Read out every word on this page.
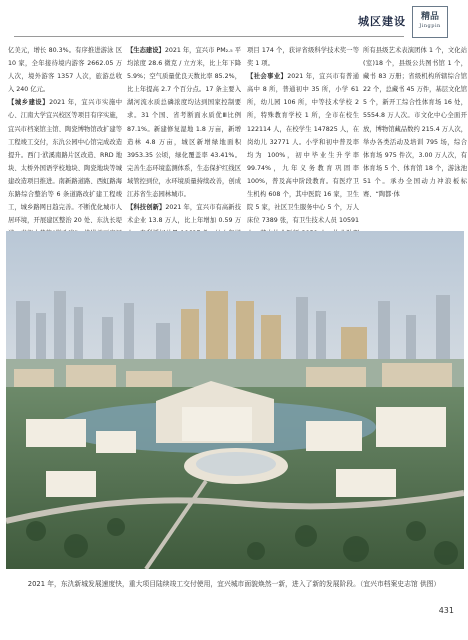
城区建设 精品
Jingpin

亿美元，增长 80.3%。有序推进游泳 区 10 家，全年接待境内游客 2662.05 万人次，境外游客 1357 人次，旅游总收入 240 亿元。

【城乡建设】2021 年，宜兴市实施中心、江南大学宜兴校区等项目有序实施，宜兴市档案馆主馆、陶瓷博物馆改扩建等工程竣工交付，东氿公园中心馆完成改造提升。西门·洑溪南路片区改造、RRD 地块、太桥外国语学校地块、陶瓷地块等城建改造项目推进。南新路道路、西虹路海东路综合整治等 6 条道路改扩建工程竣工，城乡路网日趋完善。不断优化城市人居环境，开展建区整治 20 处、东氿长堤

【生态建设】2021 年，宜兴市 PM₂.₅ 平均浓度 28.6 微克 / 立方米，比上年下降 5.9%；空气质量优良天数比率 85.2%，比上年提高 2.7 个百分点。17 条主要入湖河流水质总磷浓度均达到国家控制要求。31 个国、省考断面水质优Ⅲ比例 87.1%。新建修复湿地 1.8 万亩，新增造林 4.8 万亩，城区新增绿地面积 3953.35 公顷，绿化覆盖率 43.41%。完善生态环境监测体系，生态保护红线区域管控到位，水环境质量持续改善，创成江苏省生态园林城市。

【科技创新】2021 年，宜兴市有高新技术企业 13.8 万人，比上年增加 0.59 万

项目 174 个，获评省级科学技术奖一等奖 1 项。

【社会事业】2021 年，宜兴市有普通高中 8 所，普通初中 35 所，小学 61 所，幼儿园 106 所，中等技术学校 2 所，特殊教育学校 1 所，全市在校生 122114 人，在校学生 147825 人，在岗幼儿 32771 人。小学和初中普及率均为 100%，初中毕业生升学率 99.74%，九年义务教育巩固率 100%，普及高中阶段教育。有医疗卫生机构 608 个，其中医院 16 家，卫生院 5 家，社区卫生服务中心 5 个，万人床位 7389 张，有卫生技术人员 10591

所有县级艺术表演团体 1 个，文化站(室)18 个，县级公共图书馆 1 个，藏书 83 万册；省级机构所辖综合馆 22 个，总藏书 45 万件，基层文化馆 5 个，新开工综合性体育场 16 处，5554.8 万人次。市文化中心全面开放，博物馆藏品数约 215.4 万人次，举办各类活动及培训 795 场，综合体育场 975 件次，3.00 万人次，有体育场 5 个、体育馆 18 个，游泳池 51 个。承办全国动力冲浪板标赛、“陶都·体

2021 年，东氿新城发展速度快，重大项目陆续竣工交付使用，宜兴城市面貌焕然一新，进入了新的发展阶段。（宜兴市档案史志馆 供图）
431
